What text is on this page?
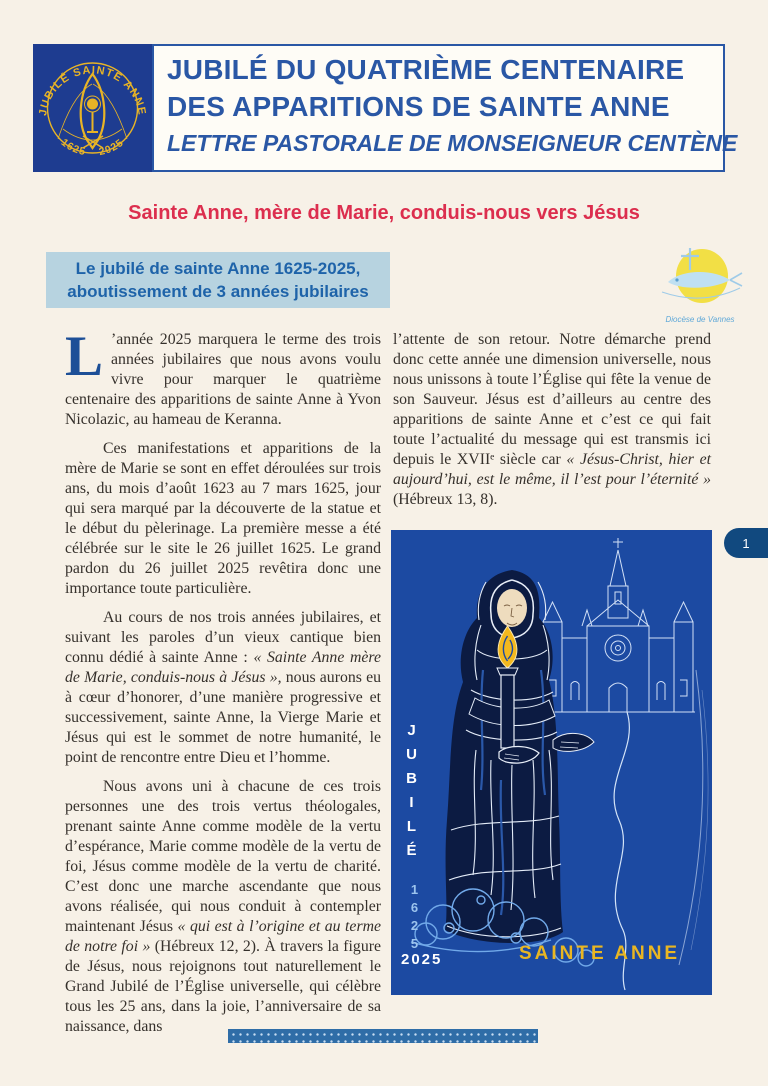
JUBILÉ SAINTE ANNE
1625 – 2025
JUBILÉ DU QUATRIÈME CENTENAIRE
DES APPARITIONS DE SAINTE ANNE
LETTRE PASTORALE DE MONSEIGNEUR CENTÈNE
Sainte Anne, mère de Marie, conduis-nous vers Jésus
Le jubilé de sainte Anne 1625-2025,
aboutissement de 3 années jubilaires
Diocèse de Vannes

L ’année 2025 marquera le terme des trois années jubilaires que nous avons voulu vivre pour marquer le quatrième centenaire des apparitions de sainte Anne à Yvon Nicolazic, au hameau de Keranna.

Ces manifestations et apparitions de la mère de Marie se sont en effet déroulées sur trois ans, du mois d’août 1623 au 7 mars 1625, jour qui sera marqué par la découverte de la statue et le début du pèlerinage. La première messe a été célébrée sur le site le 26 juillet 1625. Le grand pardon du 26 juillet 2025 revêtira donc une importance toute particulière.

Au cours de nos trois années jubilaires, et suivant les paroles d’un vieux cantique bien connu dédié à sainte Anne : « Sainte Anne mère de Marie, conduis-nous à Jésus », nous aurons eu à cœur d’honorer, d’une manière progressive et successivement, sainte Anne, la Vierge Marie et Jésus qui est le sommet de notre humanité, le point de rencontre entre Dieu et l’homme.

Nous avons uni à chacune de ces trois personnes une des trois vertus théologales, prenant sainte Anne comme modèle de la vertu d’espérance, Marie comme modèle de la vertu de foi, Jésus comme modèle de la vertu de charité. C’est donc une marche ascendante que nous avons réalisée, qui nous conduit à contempler maintenant Jésus « qui est à l’origine et au terme de notre foi » (Hébreux 12, 2). À travers la figure de Jésus, nous rejoignons tout naturellement le Grand Jubilé de l’Église universelle, qui célèbre tous les 25 ans, dans la joie, l’anniversaire de sa naissance, dans

l’attente de son retour. Notre démarche prend donc cette année une dimension universelle, nous nous unissons à toute l’Église qui fête la venue de son Sauveur. Jésus est d’ailleurs au centre des apparitions de sainte Anne et c’est ce qui fait toute l’actualité du message qui est transmis ici depuis le XVIIᵉ siècle car « Jésus-Christ, hier et aujourd’hui, est le même, il l’est pour l’éternité » (Hébreux 13, 8).

JUBILÉ
1625
2025	SAINTE ANNE
1
